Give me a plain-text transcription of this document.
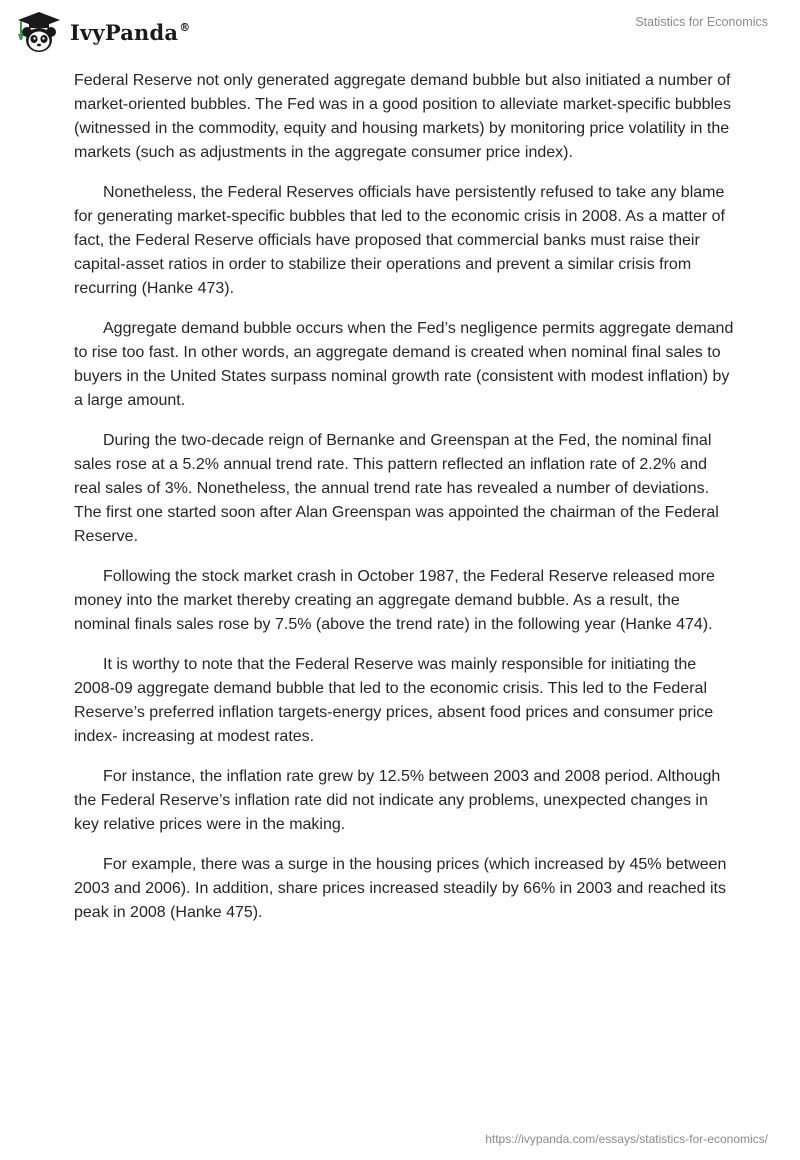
IvyPanda®	Statistics for Economics

Federal Reserve not only generated aggregate demand bubble but also initiated a number of market-oriented bubbles. The Fed was in a good position to alleviate market-specific bubbles (witnessed in the commodity, equity and housing markets) by monitoring price volatility in the markets (such as adjustments in the aggregate consumer price index).

Nonetheless, the Federal Reserves officials have persistently refused to take any blame for generating market-specific bubbles that led to the economic crisis in 2008. As a matter of fact, the Federal Reserve officials have proposed that commercial banks must raise their capital-asset ratios in order to stabilize their operations and prevent a similar crisis from recurring (Hanke 473).

Aggregate demand bubble occurs when the Fed’s negligence permits aggregate demand to rise too fast. In other words, an aggregate demand is created when nominal final sales to buyers in the United States surpass nominal growth rate (consistent with modest inflation) by a large amount.

During the two-decade reign of Bernanke and Greenspan at the Fed, the nominal final sales rose at a 5.2% annual trend rate. This pattern reflected an inflation rate of 2.2% and real sales of 3%. Nonetheless, the annual trend rate has revealed a number of deviations. The first one started soon after Alan Greenspan was appointed the chairman of the Federal Reserve.

Following the stock market crash in October 1987, the Federal Reserve released more money into the market thereby creating an aggregate demand bubble. As a result, the nominal finals sales rose by 7.5% (above the trend rate) in the following year (Hanke 474).

It is worthy to note that the Federal Reserve was mainly responsible for initiating the 2008-09 aggregate demand bubble that led to the economic crisis. This led to the Federal Reserve’s preferred inflation targets-energy prices, absent food prices and consumer price index- increasing at modest rates.

For instance, the inflation rate grew by 12.5% between 2003 and 2008 period. Although the Federal Reserve’s inflation rate did not indicate any problems, unexpected changes in key relative prices were in the making.

For example, there was a surge in the housing prices (which increased by 45% between 2003 and 2006). In addition, share prices increased steadily by 66% in 2003 and reached its peak in 2008 (Hanke 475).

https://ivypanda.com/essays/statistics-for-economics/
